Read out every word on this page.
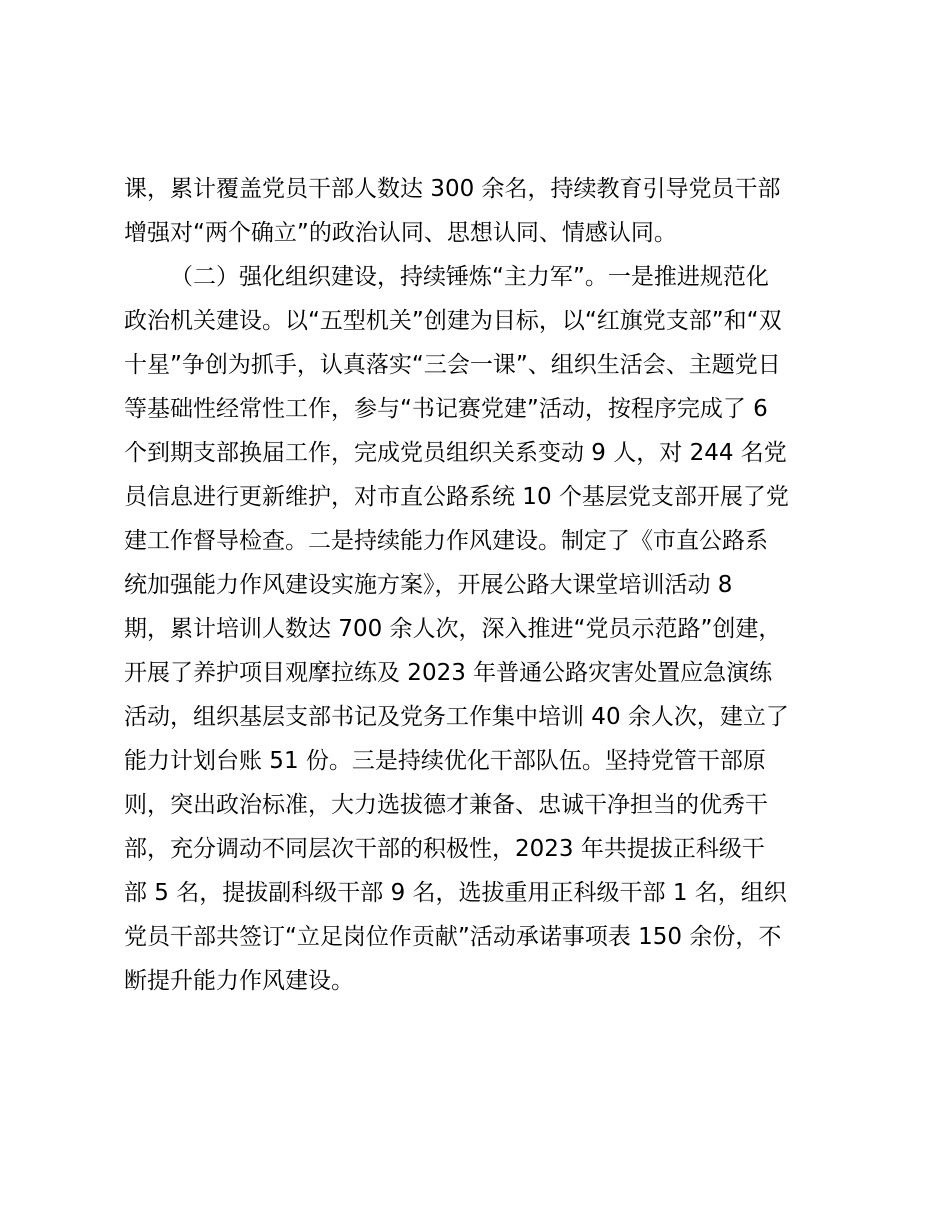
课，累计覆盖党员干部人数达 300 余名，持续教育引导党员干部
增强对“两个确立”的政治认同、思想认同、情感认同。
（二）强化组织建设，持续锤炼“主力军”。一是推进规范化
政治机关建设。以“五型机关”创建为目标，以“红旗党支部”和“双
十星”争创为抓手，认真落实“三会一课”、组织生活会、主题党日
等基础性经常性工作，参与“书记赛党建”活动，按程序完成了 6
个到期支部换届工作，完成党员组织关系变动 9 人，对 244 名党
员信息进行更新维护，对市直公路系统 10 个基层党支部开展了党
建工作督导检查。二是持续能力作风建设。制定了《市直公路系
统加强能力作风建设实施方案》，开展公路大课堂培训活动 8
期，累计培训人数达 700 余人次，深入推进“党员示范路”创建，
开展了养护项目观摩拉练及 2023 年普通公路灾害处置应急演练
活动，组织基层支部书记及党务工作集中培训 40 余人次，建立了
能力计划台账 51 份。三是持续优化干部队伍。坚持党管干部原
则，突出政治标准，大力选拔德才兼备、忠诚干净担当的优秀干
部，充分调动不同层次干部的积极性，2023 年共提拔正科级干
部 5 名，提拔副科级干部 9 名，选拔重用正科级干部 1 名，组织
党员干部共签订“立足岗位作贡献”活动承诺事项表 150 余份，不
断提升能力作风建设。
